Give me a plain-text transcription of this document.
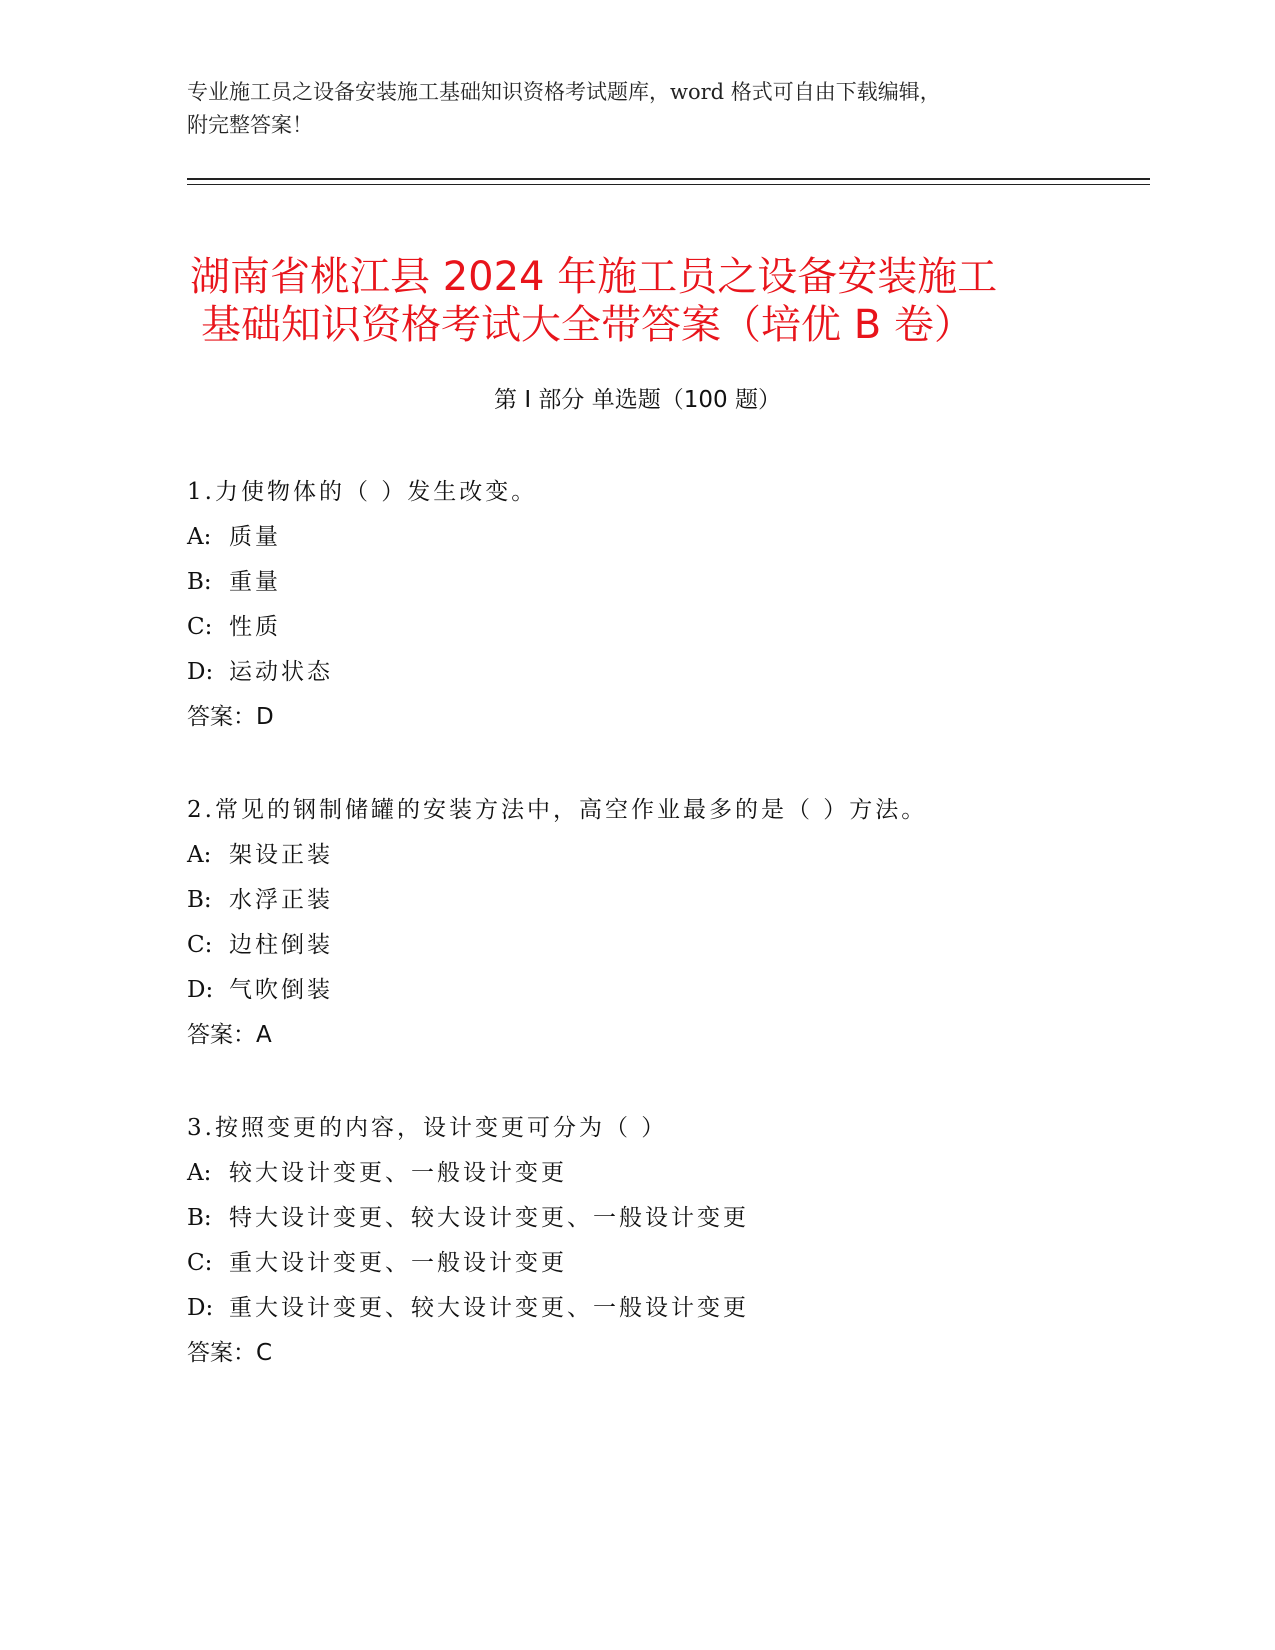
专业施工员之设备安装施工基础知识资格考试题库，word 格式可自由下载编辑，
附完整答案！
湖南省桃江县 2024 年施工员之设备安装施工
基础知识资格考试大全带答案（培优 B 卷）
第 I 部分 单选题（100 题）
1.力使物体的（ ）发生改变。
A: 质量
B: 重量
C: 性质
D: 运动状态
答案：D
2.常见的钢制储罐的安装方法中，高空作业最多的是（ ）方法。
A: 架设正装
B: 水浮正装
C: 边柱倒装
D: 气吹倒装
答案：A
3.按照变更的内容，设计变更可分为（ ）
A: 较大设计变更、一般设计变更
B: 特大设计变更、较大设计变更、一般设计变更
C: 重大设计变更、一般设计变更
D: 重大设计变更、较大设计变更、一般设计变更
答案：C
